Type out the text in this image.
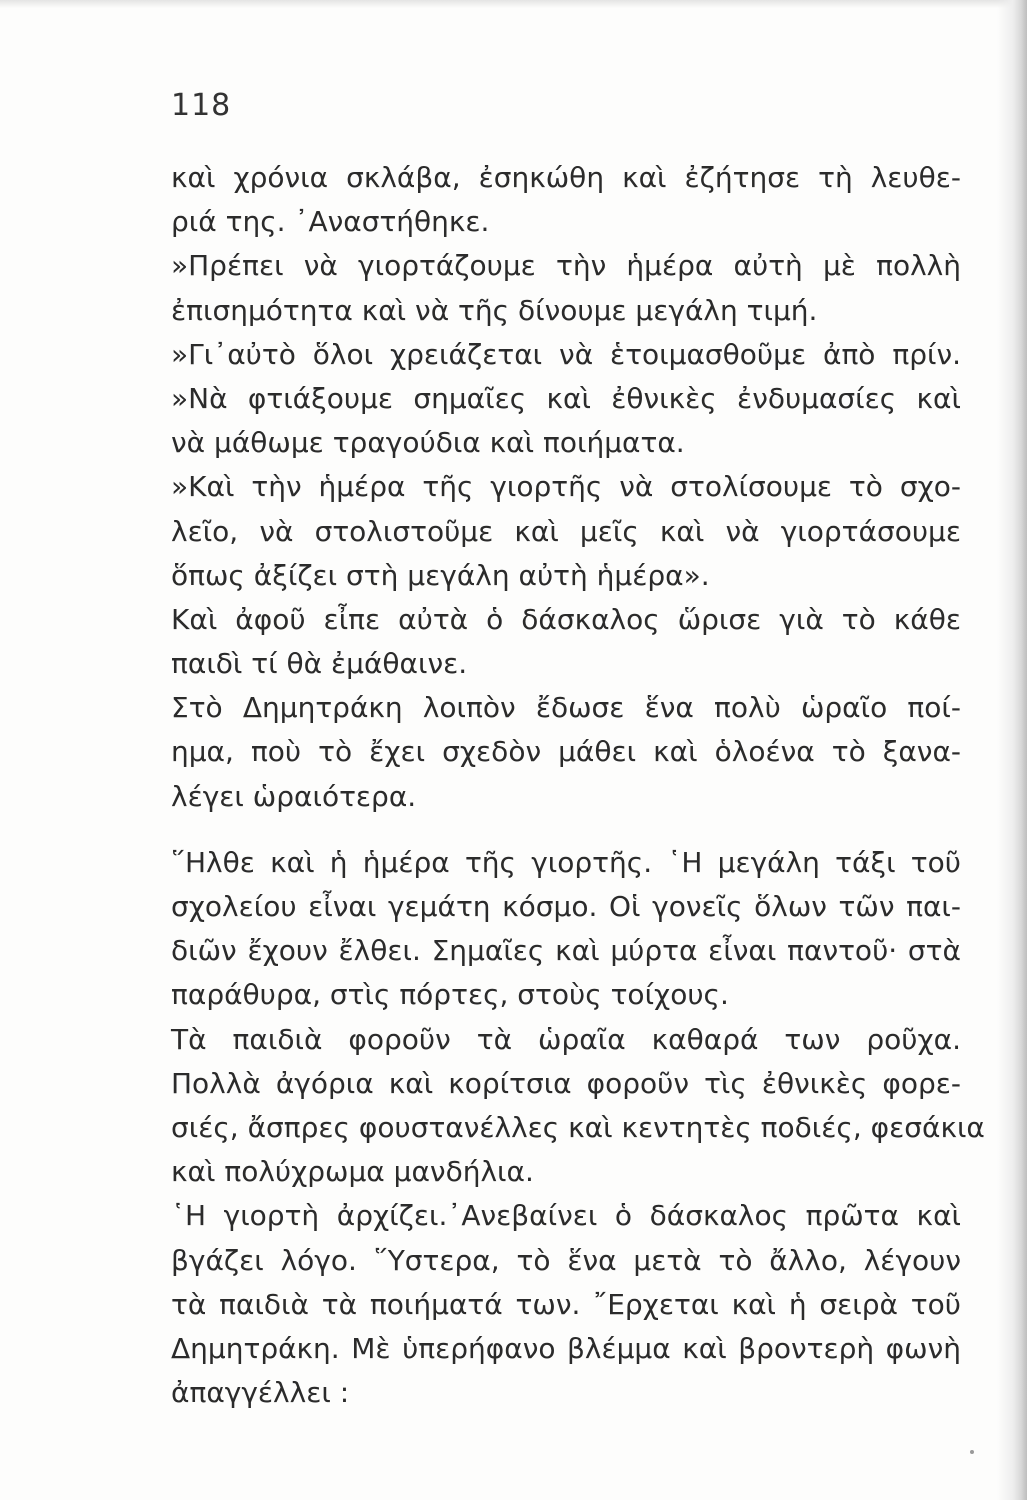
118
καὶ χρόνια σκλάβα, ἐσηκώθη καὶ ἐζήτησε τὴ λευθε-
ριά της. ᾿Αναστήθηκε.
»Πρέπει νὰ γιορτάζουμε τὴν ἡμέρα αὐτὴ μὲ πολλὴ
ἐπισημότητα καὶ νὰ τῆς δίνουμε μεγάλη τιμή.
»Γι᾿αὐτὸ ὅλοι χρειάζεται νὰ ἑτοιμασθοῦμε ἀπὸ πρίν.
»Νὰ φτιάξουμε σημαῖες καὶ ἐθνικὲς ἐνδυμασίες καὶ
νὰ μάθωμε τραγούδια καὶ ποιήματα.
»Καὶ τὴν ἡμέρα τῆς γιορτῆς νὰ στολίσουμε τὸ σχο-
λεῖο, νὰ στολιστοῦμε καὶ μεῖς καὶ νὰ γιορτάσουμε
ὅπως ἀξίζει στὴ μεγάλη αὐτὴ ἡμέρα».
Καὶ ἀφοῦ εἶπε αὐτὰ ὁ δάσκαλος ὥρισε γιὰ τὸ κάθε
παιδὶ τί θὰ ἐμάθαινε.
Στὸ Δημητράκη λοιπὸν ἔδωσε ἕνα πολὺ ὡραῖο ποί-
ημα, ποὺ τὸ ἔχει σχεδὸν μάθει καὶ ὁλοένα τὸ ξανα-
λέγει ὡραιότερα.
῞Ηλθε καὶ ἡ ἡμέρα τῆς γιορτῆς. ῾Η μεγάλη τάξι τοῦ
σχολείου εἶναι γεμάτη κόσμο. Οἱ γονεῖς ὅλων τῶν παι-
διῶν ἔχουν ἔλθει. Σημαῖες καὶ μύρτα εἶναι παντοῦ· στὰ
παράθυρα, στὶς πόρτες, στοὺς τοίχους.
Τὰ παιδιὰ φοροῦν τὰ ὡραῖα καθαρά των ροῦχα.
Πολλὰ ἀγόρια καὶ κορίτσια φοροῦν τὶς ἐθνικὲς φορε-
σιές, ἄσπρες φουστανέλλες καὶ κεντητὲς ποδιές, φεσάκια
καὶ πολύχρωμα μανδήλια.
῾Η γιορτὴ ἀρχίζει.᾿Ανεβαίνει ὁ δάσκαλος πρῶτα καὶ
βγάζει λόγο. ῞Υστερα, τὸ ἕνα μετὰ τὸ ἄλλο, λέγουν
τὰ παιδιὰ τὰ ποιήματά των. ῎Ερχεται καὶ ἡ σειρὰ τοῦ
Δημητράκη. Μὲ ὑπερήφανο βλέμμα καὶ βροντερὴ φωνὴ
ἀπαγγέλλει :
